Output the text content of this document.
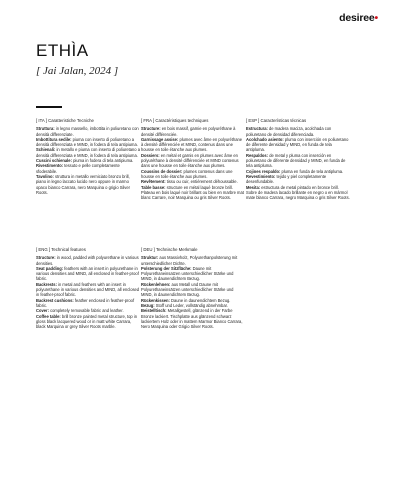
desiree•
ETHÌA
[ Jai Jalan, 2024 ]
[ ITA ] Caratteristiche Tecniche

Struttura: in legno massello, imbottita in poliuretano con densità differenziate.

Imbottitura sedile: piuma con inserto di poliuretano a densità differenziata e MIND, in fodera di tela antipiuma.

Schienali: in metallo e piuma con inserto di poliuretano a densità differenziata e MIND, in fodera di tela antipiuma.

Cuscini schienale: piuma in fodera di tela antipiuma.

Rivestimento: tessuto e pelle completamente sfoderabile.

Tavolino: struttura in metallo verniciato bronzo brill, piano in legno laccato lucido nero oppure in marmo opaco bianco Carrara, nero Marquina o grigio Silver Roots.

[ FRA ] Caractéristiques techniques

Structure: en bois massif, garnie en polyuréthane à densité différenciée.

Garnissage assise: plumes avec âme en polyuréthane à densité différenciée et MIND, contenus dans une housse en toile étanche aux plumes.

Dossiers: en métal et garnis en plumes avec âme en polyuréthane à densité différenciée et MIND contenus dans une housse en toile étanche aux plumes.

Coussins de dossier: plumes contenus dans une housse en toile étanche aux plumes.

Revêtement: tissu ou cuir, entièrement déhoussable.

Table basse: structure en métal laqué bronze brill. Plateau en bois laqué noir brillant ou bien en marbre mat blanc Carrare, noir Marquina ou gris Silver Roots.

[ ESP ] Características técnicas

Estructura: de madera maciza, acolchada con poliuretano de densidad diferenciada.

Acolchado asiento: pluma con inserción en poliuretano de diferente densidad y MIND, en funda de tela antipluma.

Respaldos: de metal y pluma con inserción en poliuretano de diferente densidad y MIND, en funda de tela antipluma.

Cojines respaldo: pluma en funda de tela antipluma.

Revestimiento: tejido y piel completamente desenfundable.

Mesita: estructura de metal pintado en bronce brill. Sobre de madera lacado brillante en negro o en mármol mate blanco Carrara, negro Marquina o gris Silver Roots.

[ ENG ] Technical features

Structure: in wood, padded with polyurethane in various densities.

Seat padding: feathers with an insert in polyurethane in various densities and MIND, all enclosed in feather-proof fabric.

Backrests: in metal and feathers with an insert in polyurethane in various densities and MIND, all enclosed in feather-proof fabric.

Backrest cushions: feather enclosed in feather-proof fabric.

Cover: completely removable fabric and leather.

Coffee table: brill bronze painted metal structure, top in gloss black lacquered wood or in matt white Carrara, black Marquina or grey Silver Roots marble.

[ DEU ] Technische Merkmale

Struktur: aus Massivholz, Polyurethanpolsterung mit unterschiedlicher Dichte.

Polsterung der Sitzfläche: Daune mit Polyurethaneinsatzen unterschiedlicher Stärke und MIND, in daunendichtem Bezug.

Rückenlehnen: aus Metall und Daune mit Polyurethaneinsätzen unterschiedlicher Stärke und MIND, in daunendichtem Bezug.

Rückenkissen: Daune in daunendichtem Bezug.

Bezug: Stoff und Leder, vollständig abnehmbar.

Beistelltisch: Metallgestell, glänzend in der Farbe Bronze lackiert. Tischplatte aus glänzend schwarz lackiertem Holz oder in mattem Marmor Bianco Carrara, Nero Marquina oder Grigio Silver Roots.
